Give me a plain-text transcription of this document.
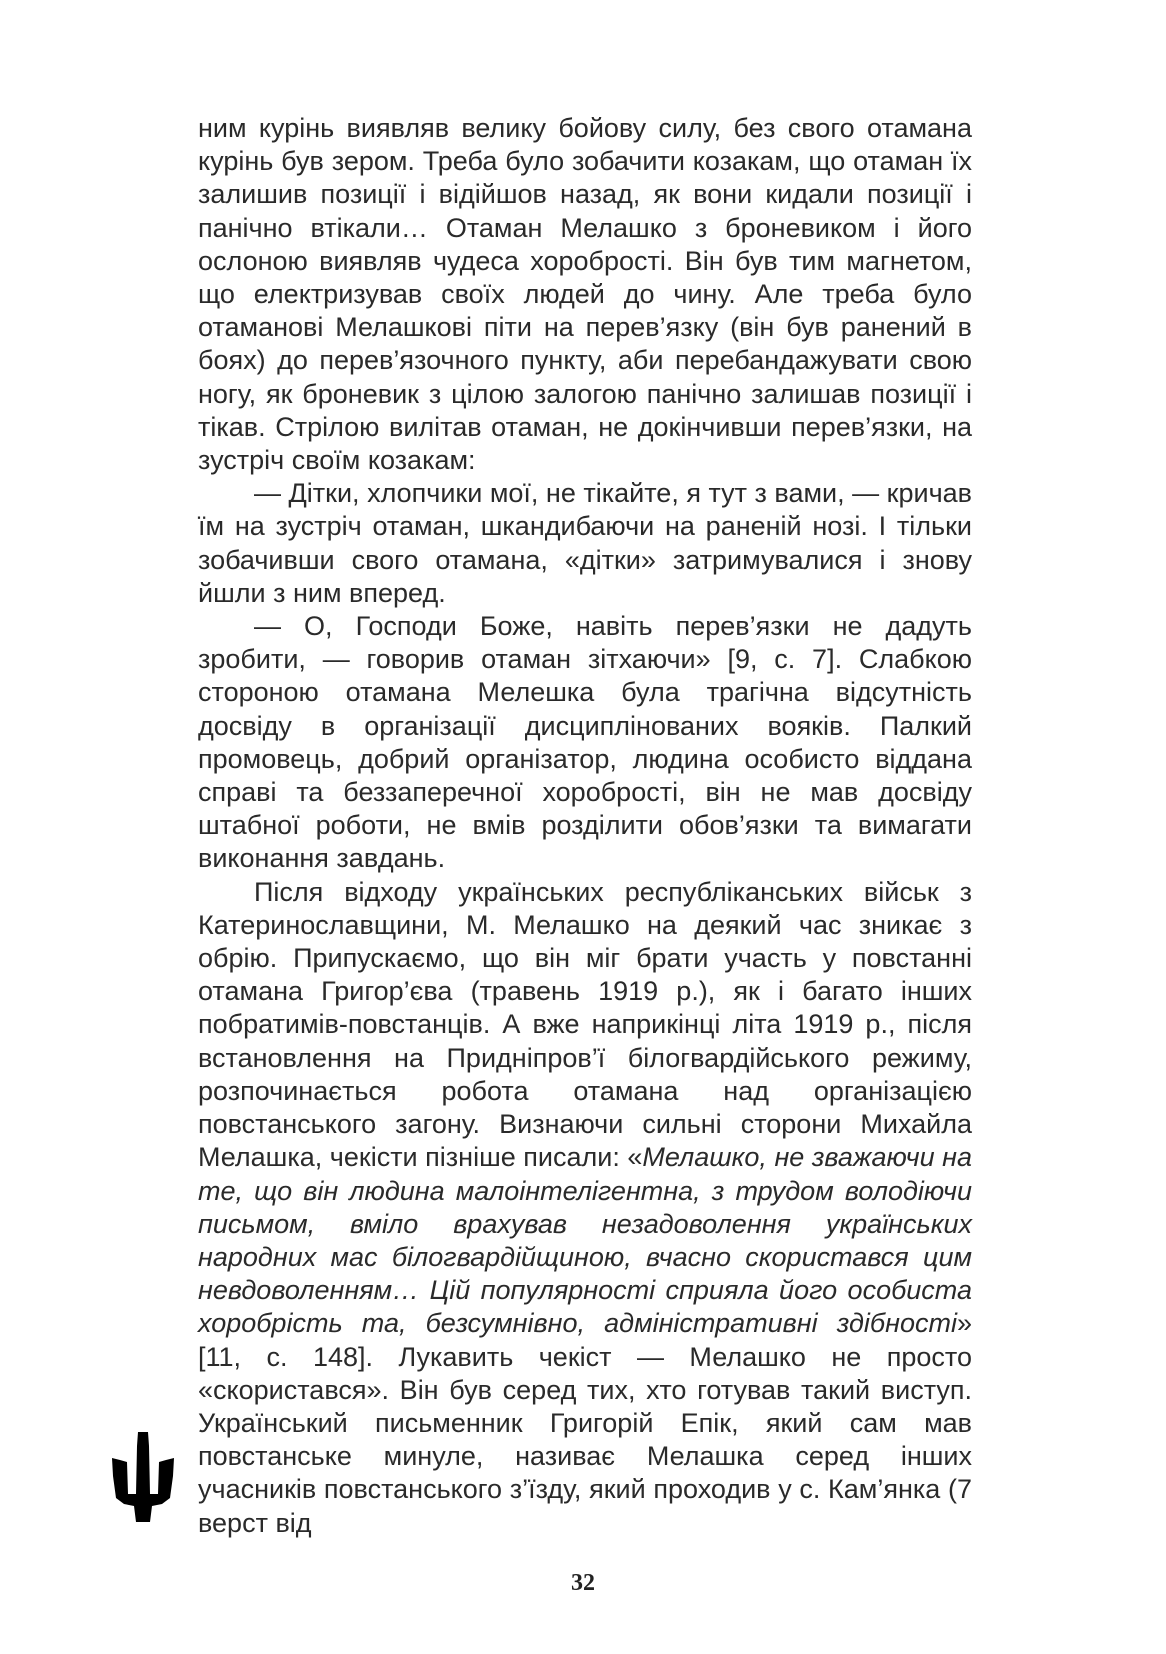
ним курінь виявляв велику бойову силу, без свого отамана курінь був зером. Треба було зобачити козакам, що отаман їх залишив позиції і відійшов назад, як вони кидали позиції і панічно втікали… Отаман Мелашко з броневиком і його ослоною виявляв чудеса хоробрості. Він був тим магнетом, що електризував своїх людей до чину. Але треба було отаманові Мелашкові піти на перев’язку (він був ранений в боях) до перев’язочного пункту, аби перебандажувати свою ногу, як броневик з цілою залогою панічно залишав позиції і тікав. Стрілою вилітав отаман, не докінчивши перев’язки, на зустріч своїм козакам:

— Дітки, хлопчики мої, не тікайте, я тут з вами, — кричав їм на зустріч отаман, шкандибаючи на раненій нозі. І тільки зобачивши свого отамана, «дітки» затримувалися і знову йшли з ним вперед.

— О, Господи Боже, навіть перев’язки не дадуть зробити, — говорив отаман зітхаючи» [9, с. 7]. Слабкою стороною отамана Мелешка була трагічна відсутність досвіду в організації дисциплінованих вояків. Палкий промовець, добрий організатор, людина особисто віддана справі та беззаперечної хоробрості, він не мав досвіду штабної роботи, не вмів розділити обов’язки та вимагати виконання завдань.

Після відходу українських республіканських військ з Катеринославщини, М. Мелашко на деякий час зникає з обрію. Припускаємо, що він міг брати участь у повстанні отамана Григор’єва (травень 1919 р.), як і багато інших побратимів-повстанців. А вже наприкінці літа 1919 р., після встановлення на Придніпров’ї білогвардійського режиму, розпочинається робота отамана над організацією повстанського загону. Визнаючи сильні сторони Михайла Мелашка, чекісти пізніше писали: «Мелашко, не зважаючи на те, що він людина малоінтелігентна, з трудом володіючи письмом, вміло врахував незадоволення українських народних мас білогвардійщиною, вчасно скористався цим невдоволенням… Цій популярності сприяла його особиста хоробрість та, безсумнівно, адміністративні здібності» [11, с. 148]. Лукавить чекіст — Мелашко не просто «скористався». Він був серед тих, хто готував такий виступ. Український письменник Григорій Епік, який сам мав повстанське минуле, називає Мелашка серед інших учасників повстанського з’їзду, який проходив у с. Кам’янка (7 верст від

32
